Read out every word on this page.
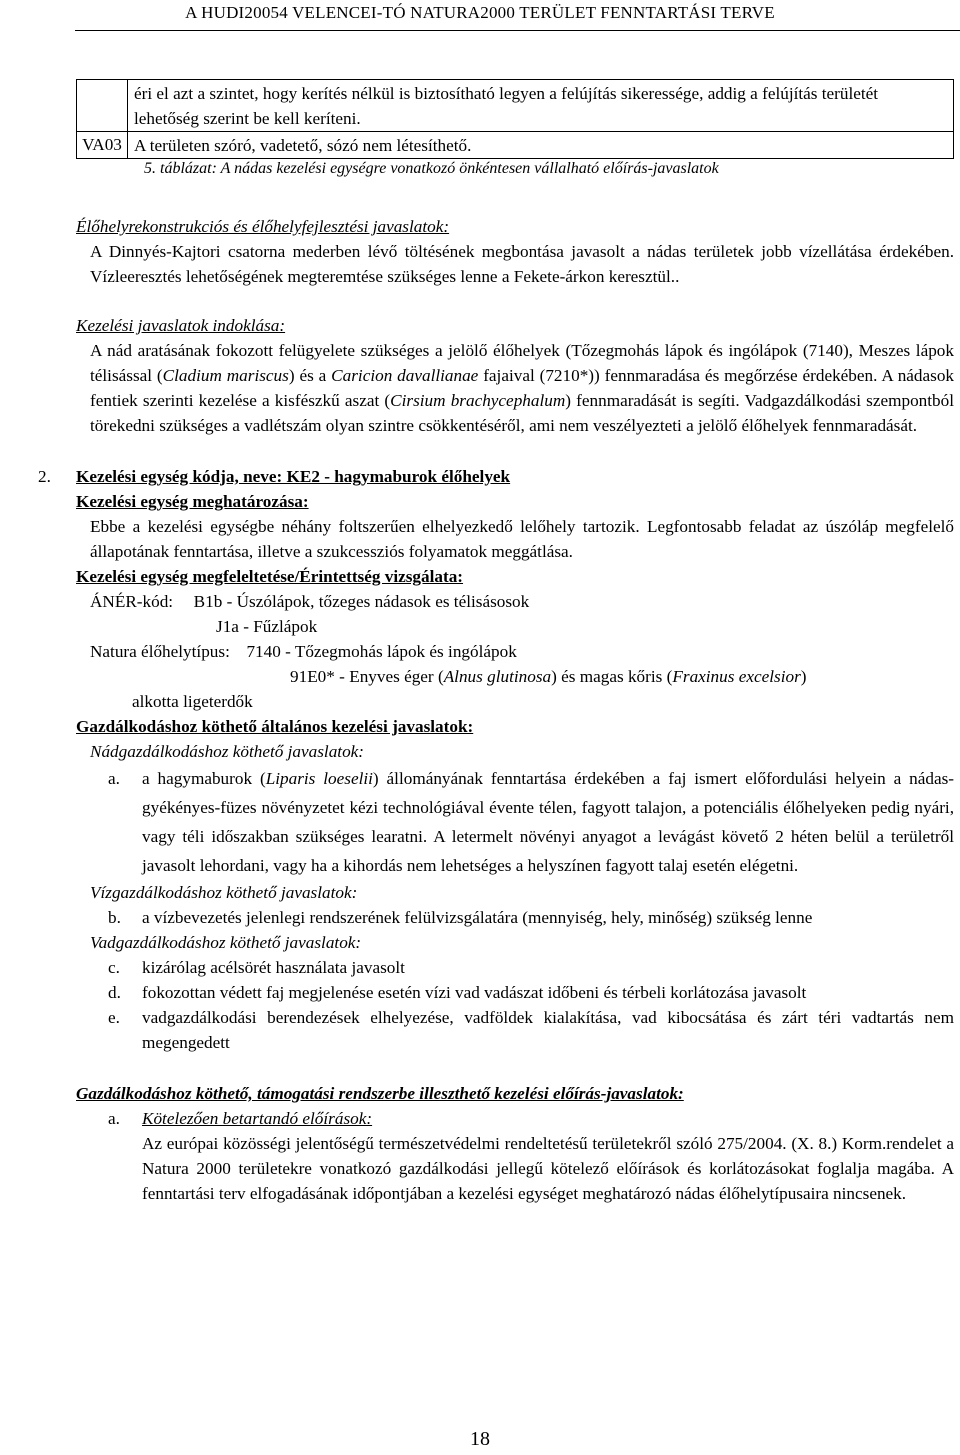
A HUDI20054 VELENCEI-TÓ NATURA2000 TERÜLET FENNTARTÁSI TERVE
	éri el azt a szintet, hogy kerítés nélkül is biztosítható legyen a felújítás sikeressége, addig a felújítás területét lehetőség szerint be kell keríteni.
VA03	A területen szóró, vadetető, sózó nem létesíthető.
5. táblázat: A nádas kezelési egységre vonatkozó önkéntesen vállalható előírás-javaslatok
Élőhelyrekonstrukciós és élőhelyfejlesztési javaslatok:

A Dinnyés-Kajtori csatorna mederben lévő töltésének megbontása javasolt a nádas területek jobb vízellátása érdekében. Vízleeresztés lehetőségének megteremtése szükséges lenne a Fekete-árkon keresztül..

Kezelési javaslatok indoklása:

A nád aratásának fokozott felügyelete szükséges a jelölő élőhelyek (Tőzegmohás lápok és ingólápok (7140), Meszes lápok télisással (Cladium mariscus) és a Caricion davallianae fajaival (7210*)) fennmaradása és megőrzése érdekében. A nádasok fentiek szerinti kezelése a kisfészkű aszat (Cirsium brachycephalum) fennmaradását is segíti. Vadgazdálkodási szempontból törekedni szükséges a vadlétszám olyan szintre csökkentéséről, ami nem veszélyezteti a jelölő élőhelyek fennmaradását.

2. Kezelési egység kódja, neve: KE2 - hagymaburok élőhelyek
Kezelési egység meghatározása:

Ebbe a kezelési egységbe néhány foltszerűen elhelyezkedő lelőhely tartozik. Legfontosabb feladat az úszóláp megfelelő állapotának fenntartása, illetve a szukcessziós folyamatok meggátlása.

Kezelési egység megfeleltetése/Érintettség vizsgálata:
ÁNÉR-kód: B1b - Úszólápok, tőzeges nádasok es télisásosok
J1a - Fűzlápok
Natura élőhelytípus: 7140 - Tőzegmohás lápok és ingólápok
91E0* - Enyves éger (Alnus glutinosa) és magas kőris (Fraxinus excelsior)
alkotta ligeterdők
Gazdálkodáshoz köthető általános kezelési javaslatok:
Nádgazdálkodáshoz köthető javaslatok:
a.	a hagymaburok (Liparis loeselii) állományának fenntartása érdekében a faj ismert előfordulási helyein a nádas-gyékényes-füzes növényzetet kézi technológiával évente télen, fagyott talajon, a potenciális élőhelyeken pedig nyári, vagy téli időszakban szükséges learatni. A letermelt növényi anyagot a levágást követő 2 héten belül a területről javasolt lehordani, vagy ha a kihordás nem lehetséges a helyszínen fagyott talaj esetén elégetni.
Vízgazdálkodáshoz köthető javaslatok:
b.	a vízbevezetés jelenlegi rendszerének felülvizsgálatára (mennyiség, hely, minőség) szükség lenne
Vadgazdálkodáshoz köthető javaslatok:
c.	kizárólag acélsörét használata javasolt
d.	fokozottan védett faj megjelenése esetén vízi vad vadászat időbeni és térbeli korlátozása javasolt
e.	vadgazdálkodási berendezések elhelyezése, vadföldek kialakítása, vad kibocsátása és zárt téri vadtartás nem megengedett
Gazdálkodáshoz köthető, támogatási rendszerbe illeszthető kezelési előírás-javaslatok:
a.	Kötelezően betartandó előírások:
Az európai közösségi jelentőségű természetvédelmi rendeltetésű területekről szóló 275/2004. (X. 8.) Korm.rendelet a Natura 2000 területekre vonatkozó gazdálkodási jellegű kötelező előírások és korlátozásokat foglalja magába. A fenntartási terv elfogadásának időpontjában a kezelési egységet meghatározó nádas élőhelytípusaira nincsenek.
18
